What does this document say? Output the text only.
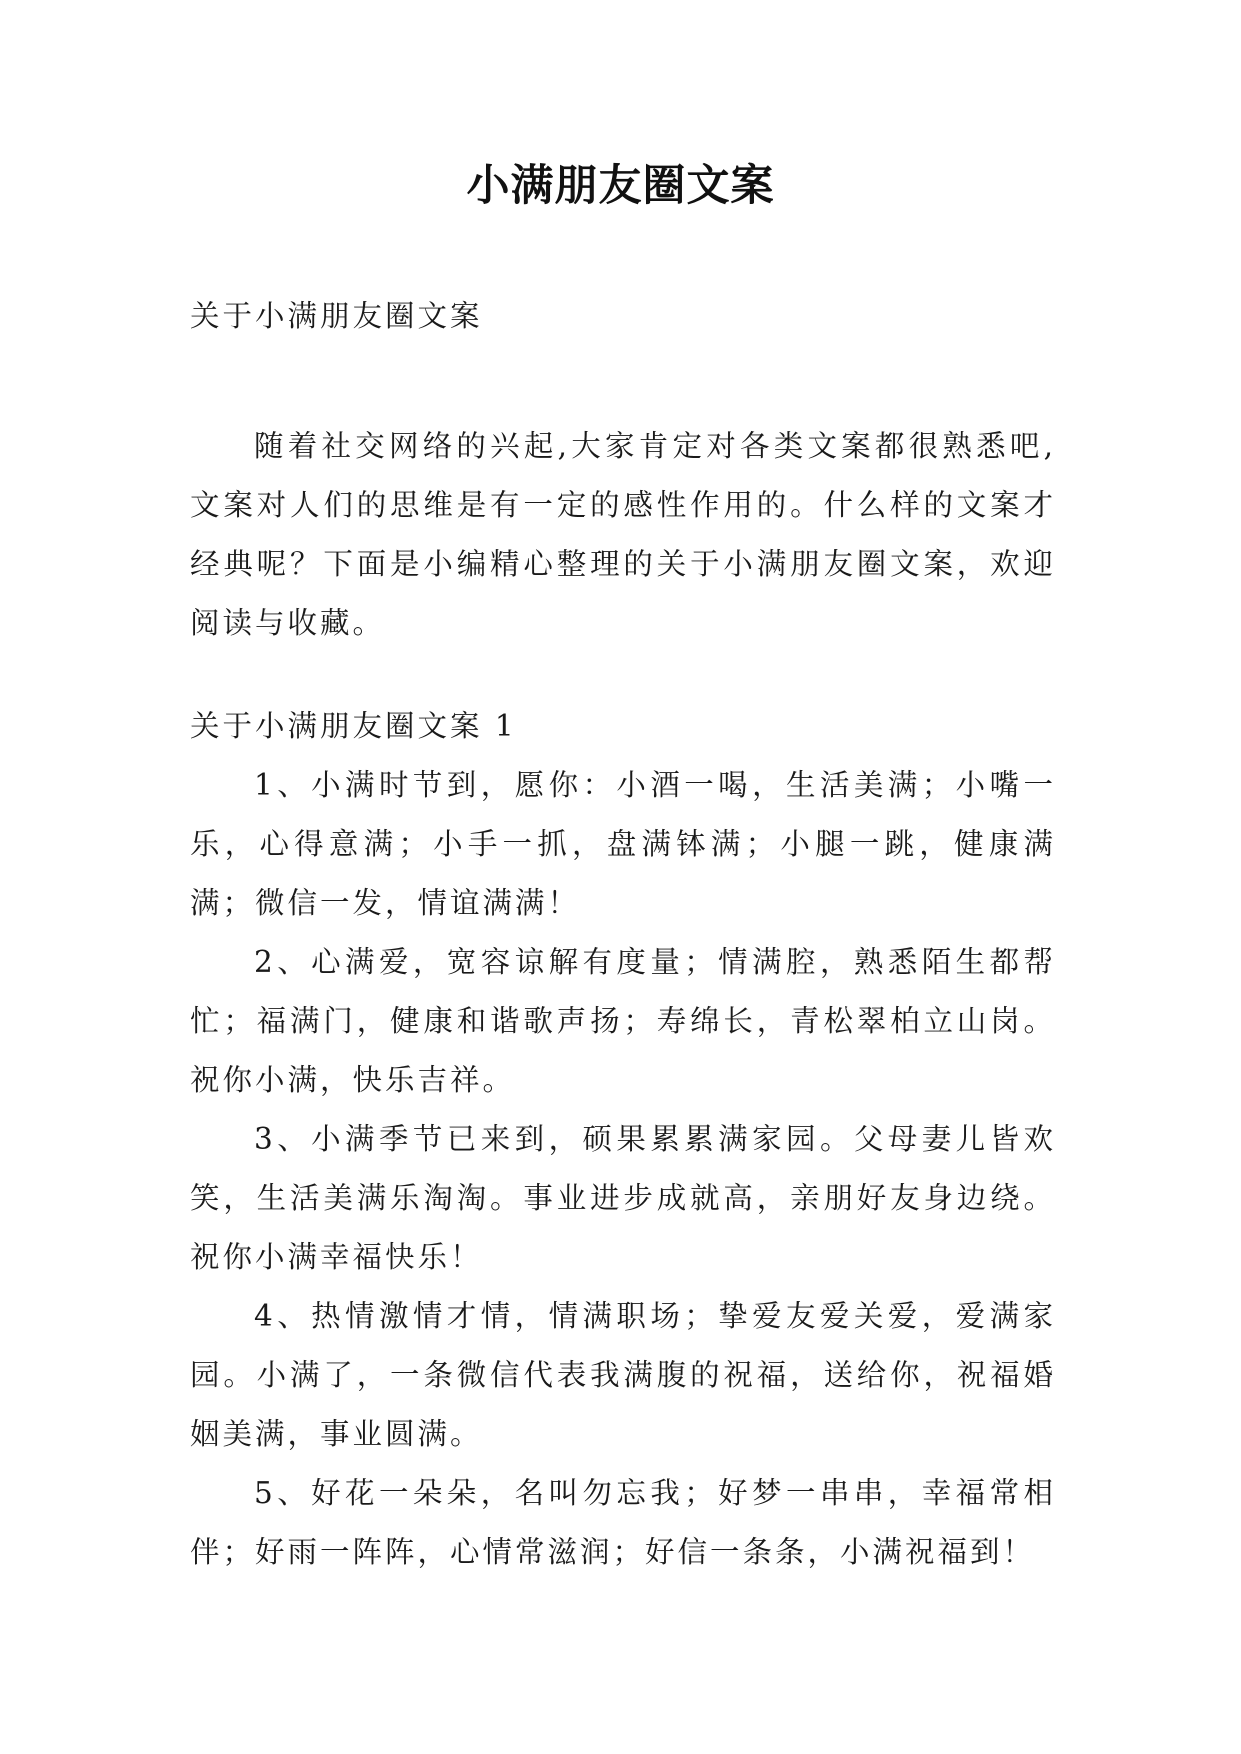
小满朋友圈文案

关于小满朋友圈文案

随着社交网络的兴起,大家肯定对各类文案都很熟悉吧,文案对人们的思维是有一定的感性作用的。什么样的文案才经典呢？下面是小编精心整理的关于小满朋友圈文案，欢迎阅读与收藏。

关于小满朋友圈文案 1

1、小满时节到，愿你：小酒一喝，生活美满；小嘴一乐，心得意满；小手一抓，盘满钵满；小腿一跳，健康满满；微信一发，情谊满满！
2、心满爱，宽容谅解有度量；情满腔，熟悉陌生都帮忙；福满门，健康和谐歌声扬；寿绵长，青松翠柏立山岗。祝你小满，快乐吉祥。
3、小满季节已来到，硕果累累满家园。父母妻儿皆欢笑，生活美满乐淘淘。事业进步成就高，亲朋好友身边绕。祝你小满幸福快乐！
4、热情激情才情，情满职场；挚爱友爱关爱，爱满家园。小满了，一条微信代表我满腹的祝福，送给你，祝福婚姻美满，事业圆满。
5、好花一朵朵，名叫勿忘我；好梦一串串，幸福常相伴；好雨一阵阵，心情常滋润；好信一条条，小满祝福到！
